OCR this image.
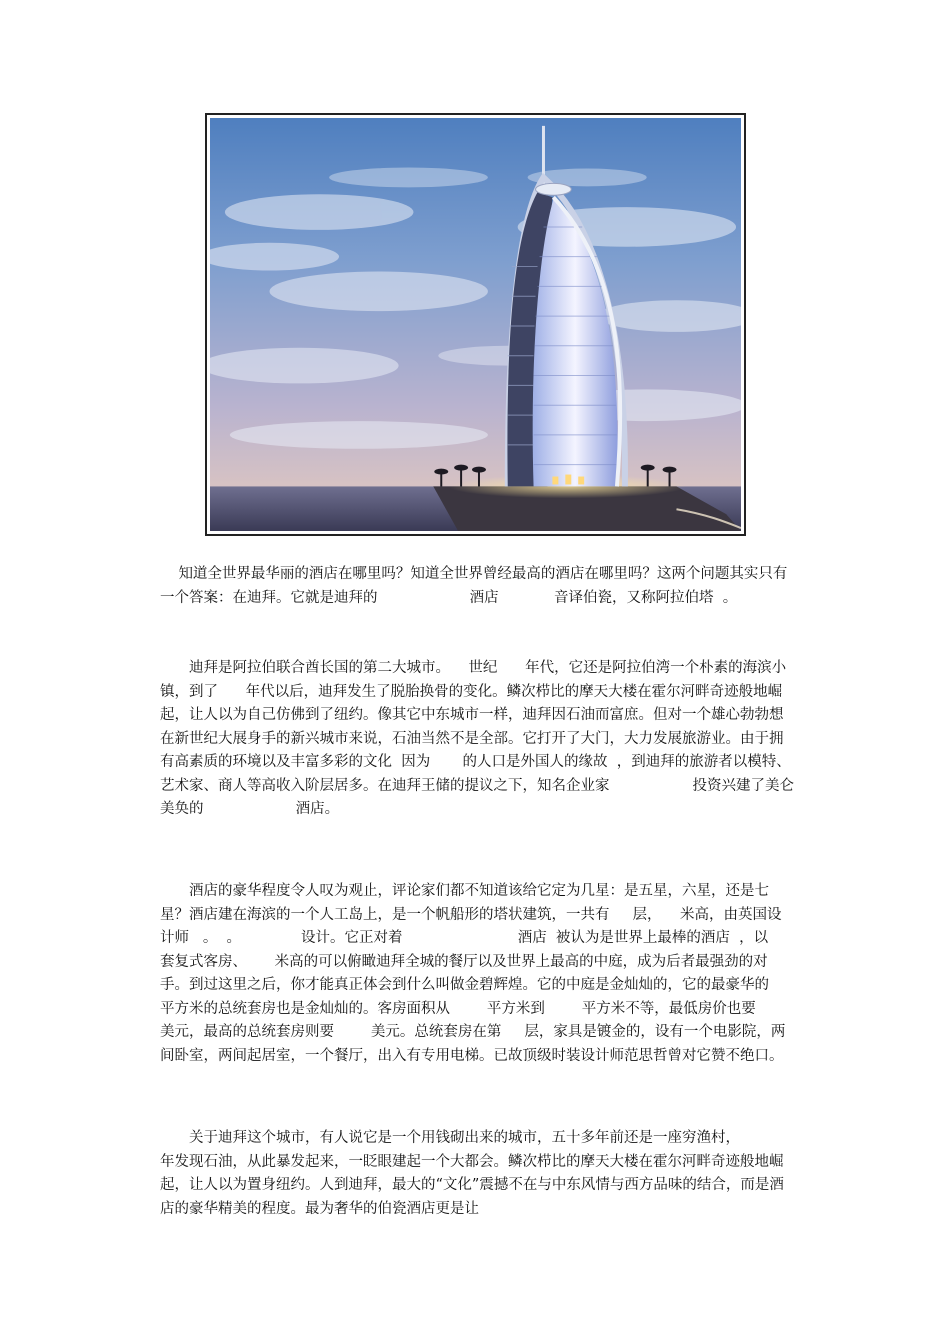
知道全世界最华丽的酒店在哪里吗？知道全世界曾经最高的酒店在哪里吗？这两个问题其实只有一个答案：在迪拜。它就是迪拜的                    酒店            音译伯瓷，又称阿拉伯塔  。

迪拜是阿拉伯联合酋长国的第二大城市。    世纪      年代，它还是阿拉伯湾一个朴素的海滨小镇，到了      年代以后，迪拜发生了脱胎换骨的变化。鳞次栉比的摩天大楼在霍尔河畔奇迹般地崛起，让人以为自己仿佛到了纽约。像其它中东城市一样，迪拜因石油而富庶。但对一个雄心勃勃想在新世纪大展身手的新兴城市来说，石油当然不是全部。它打开了大门，大力发展旅游业。由于拥有高素质的环境以及丰富多彩的文化  因为       的人口是外国人的缘故  ，到迪拜的旅游者以模特、艺术家、商人等高收入阶层居多。在迪拜王储的提议之下，知名企业家                  投资兴建了美仑美奂的                    酒店。

酒店的豪华程度令人叹为观止，评论家们都不知道该给它定为几星：是五星，六星，还是七星？酒店建在海滨的一个人工岛上，是一个帆船形的塔状建筑，一共有     层，    米高，由英国设计师   。  。             设计。它正对着                         酒店  被认为是世界上最棒的酒店  ，以        套复式客房、      米高的可以俯瞰迪拜全城的餐厅以及世界上最高的中庭，成为后者最强劲的对手。到过这里之后，你才能真正体会到什么叫做金碧辉煌。它的中庭是金灿灿的，它的最豪华的        平方米的总统套房也是金灿灿的。客房面积从        平方米到        平方米不等，最低房价也要        美元，最高的总统套房则要        美元。总统套房在第     层，家具是镀金的，设有一个电影院，两间卧室，两间起居室，一个餐厅，出入有专用电梯。已故顶级时装设计师范思哲曾对它赞不绝口。

关于迪拜这个城市，有人说它是一个用钱砌出来的城市，五十多年前还是一座穷渔村，          年发现石油，从此暴发起来，一眨眼建起一个大都会。鳞次栉比的摩天大楼在霍尔河畔奇迹般地崛起，让人以为置身纽约。人到迪拜，最大的“文化”震撼不在与中东风情与西方品味的结合，而是酒店的豪华精美的程度。最为奢华的伯瓷酒店更是让
